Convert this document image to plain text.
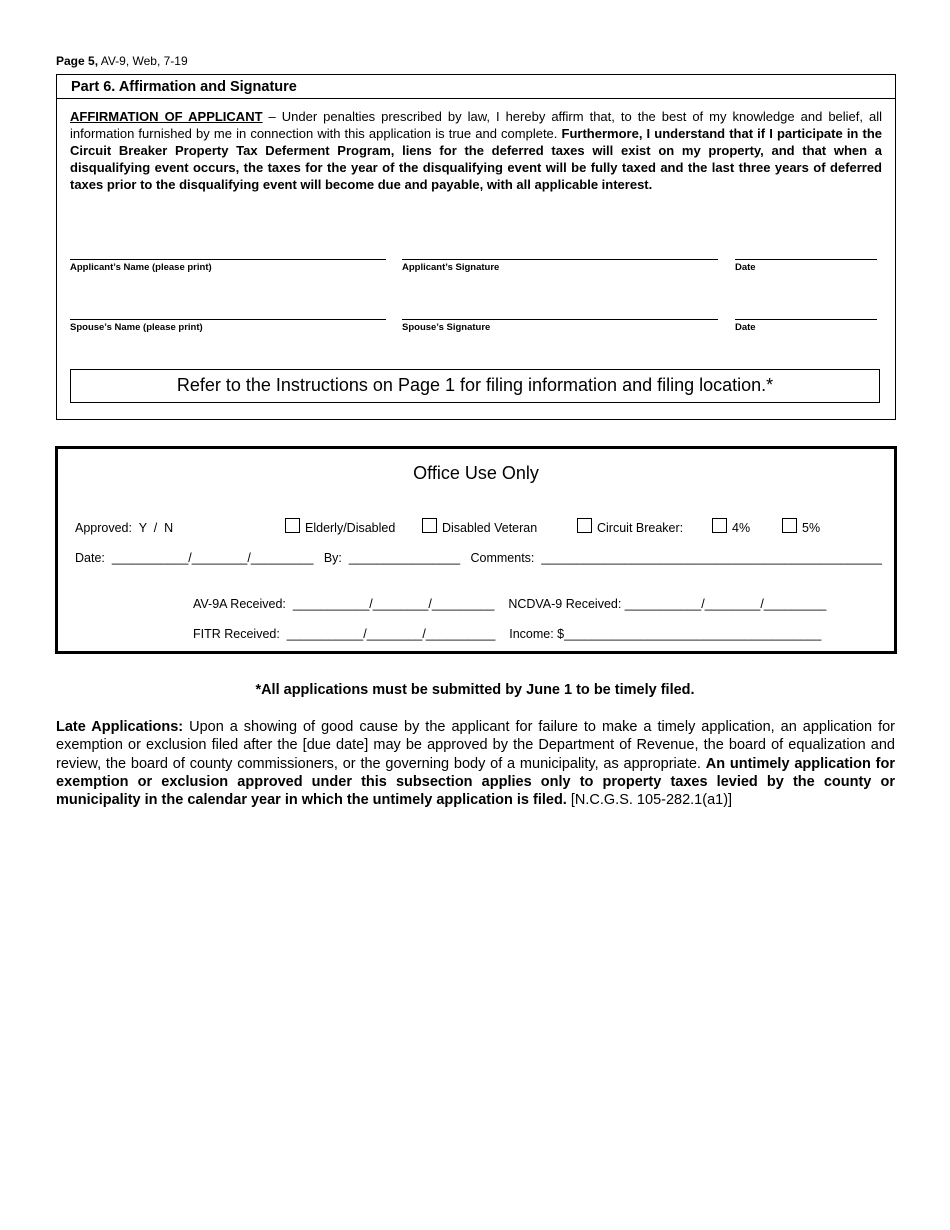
Page 5, AV-9, Web, 7-19
Part 6. Affirmation and Signature
AFFIRMATION OF APPLICANT – Under penalties prescribed by law, I hereby affirm that, to the best of my knowledge and belief, all information furnished by me in connection with this application is true and complete. Furthermore, I understand that if I participate in the Circuit Breaker Property Tax Deferment Program, liens for the deferred taxes will exist on my property, and that when a disqualifying event occurs, the taxes for the year of the disqualifying event will be fully taxed and the last three years of deferred taxes prior to the disqualifying event will become due and payable, with all applicable interest.
Applicant’s Name (please print)	Applicant’s Signature	Date
Spouse’s Name (please print)	Spouse’s Signature	Date
Refer to the Instructions on Page 1 for filing information and filing location.*
Office Use Only
Approved:  Y  /  N	Elderly/Disabled	Disabled Veteran	Circuit Breaker:	4%	5%
Date:  ___________/________/_________   By:  ________________   Comments:  _________________________________________________
AV-9A Received:  ___________/________/_________    NCDVA-9 Received: ___________/________/_________
FITR Received:  ___________/________/__________    Income: $_____________________________________
*All applications must be submitted by June 1 to be timely filed.
Late Applications: Upon a showing of good cause by the applicant for failure to make a timely application, an application for exemption or exclusion filed after the [due date] may be approved by the Department of Revenue, the board of equalization and review, the board of county commissioners, or the governing body of a municipality, as appropriate. An untimely application for exemption or exclusion approved under this subsection applies only to property taxes levied by the county or municipality in the calendar year in which the untimely application is filed. [N.C.G.S. 105-282.1(a1)]
